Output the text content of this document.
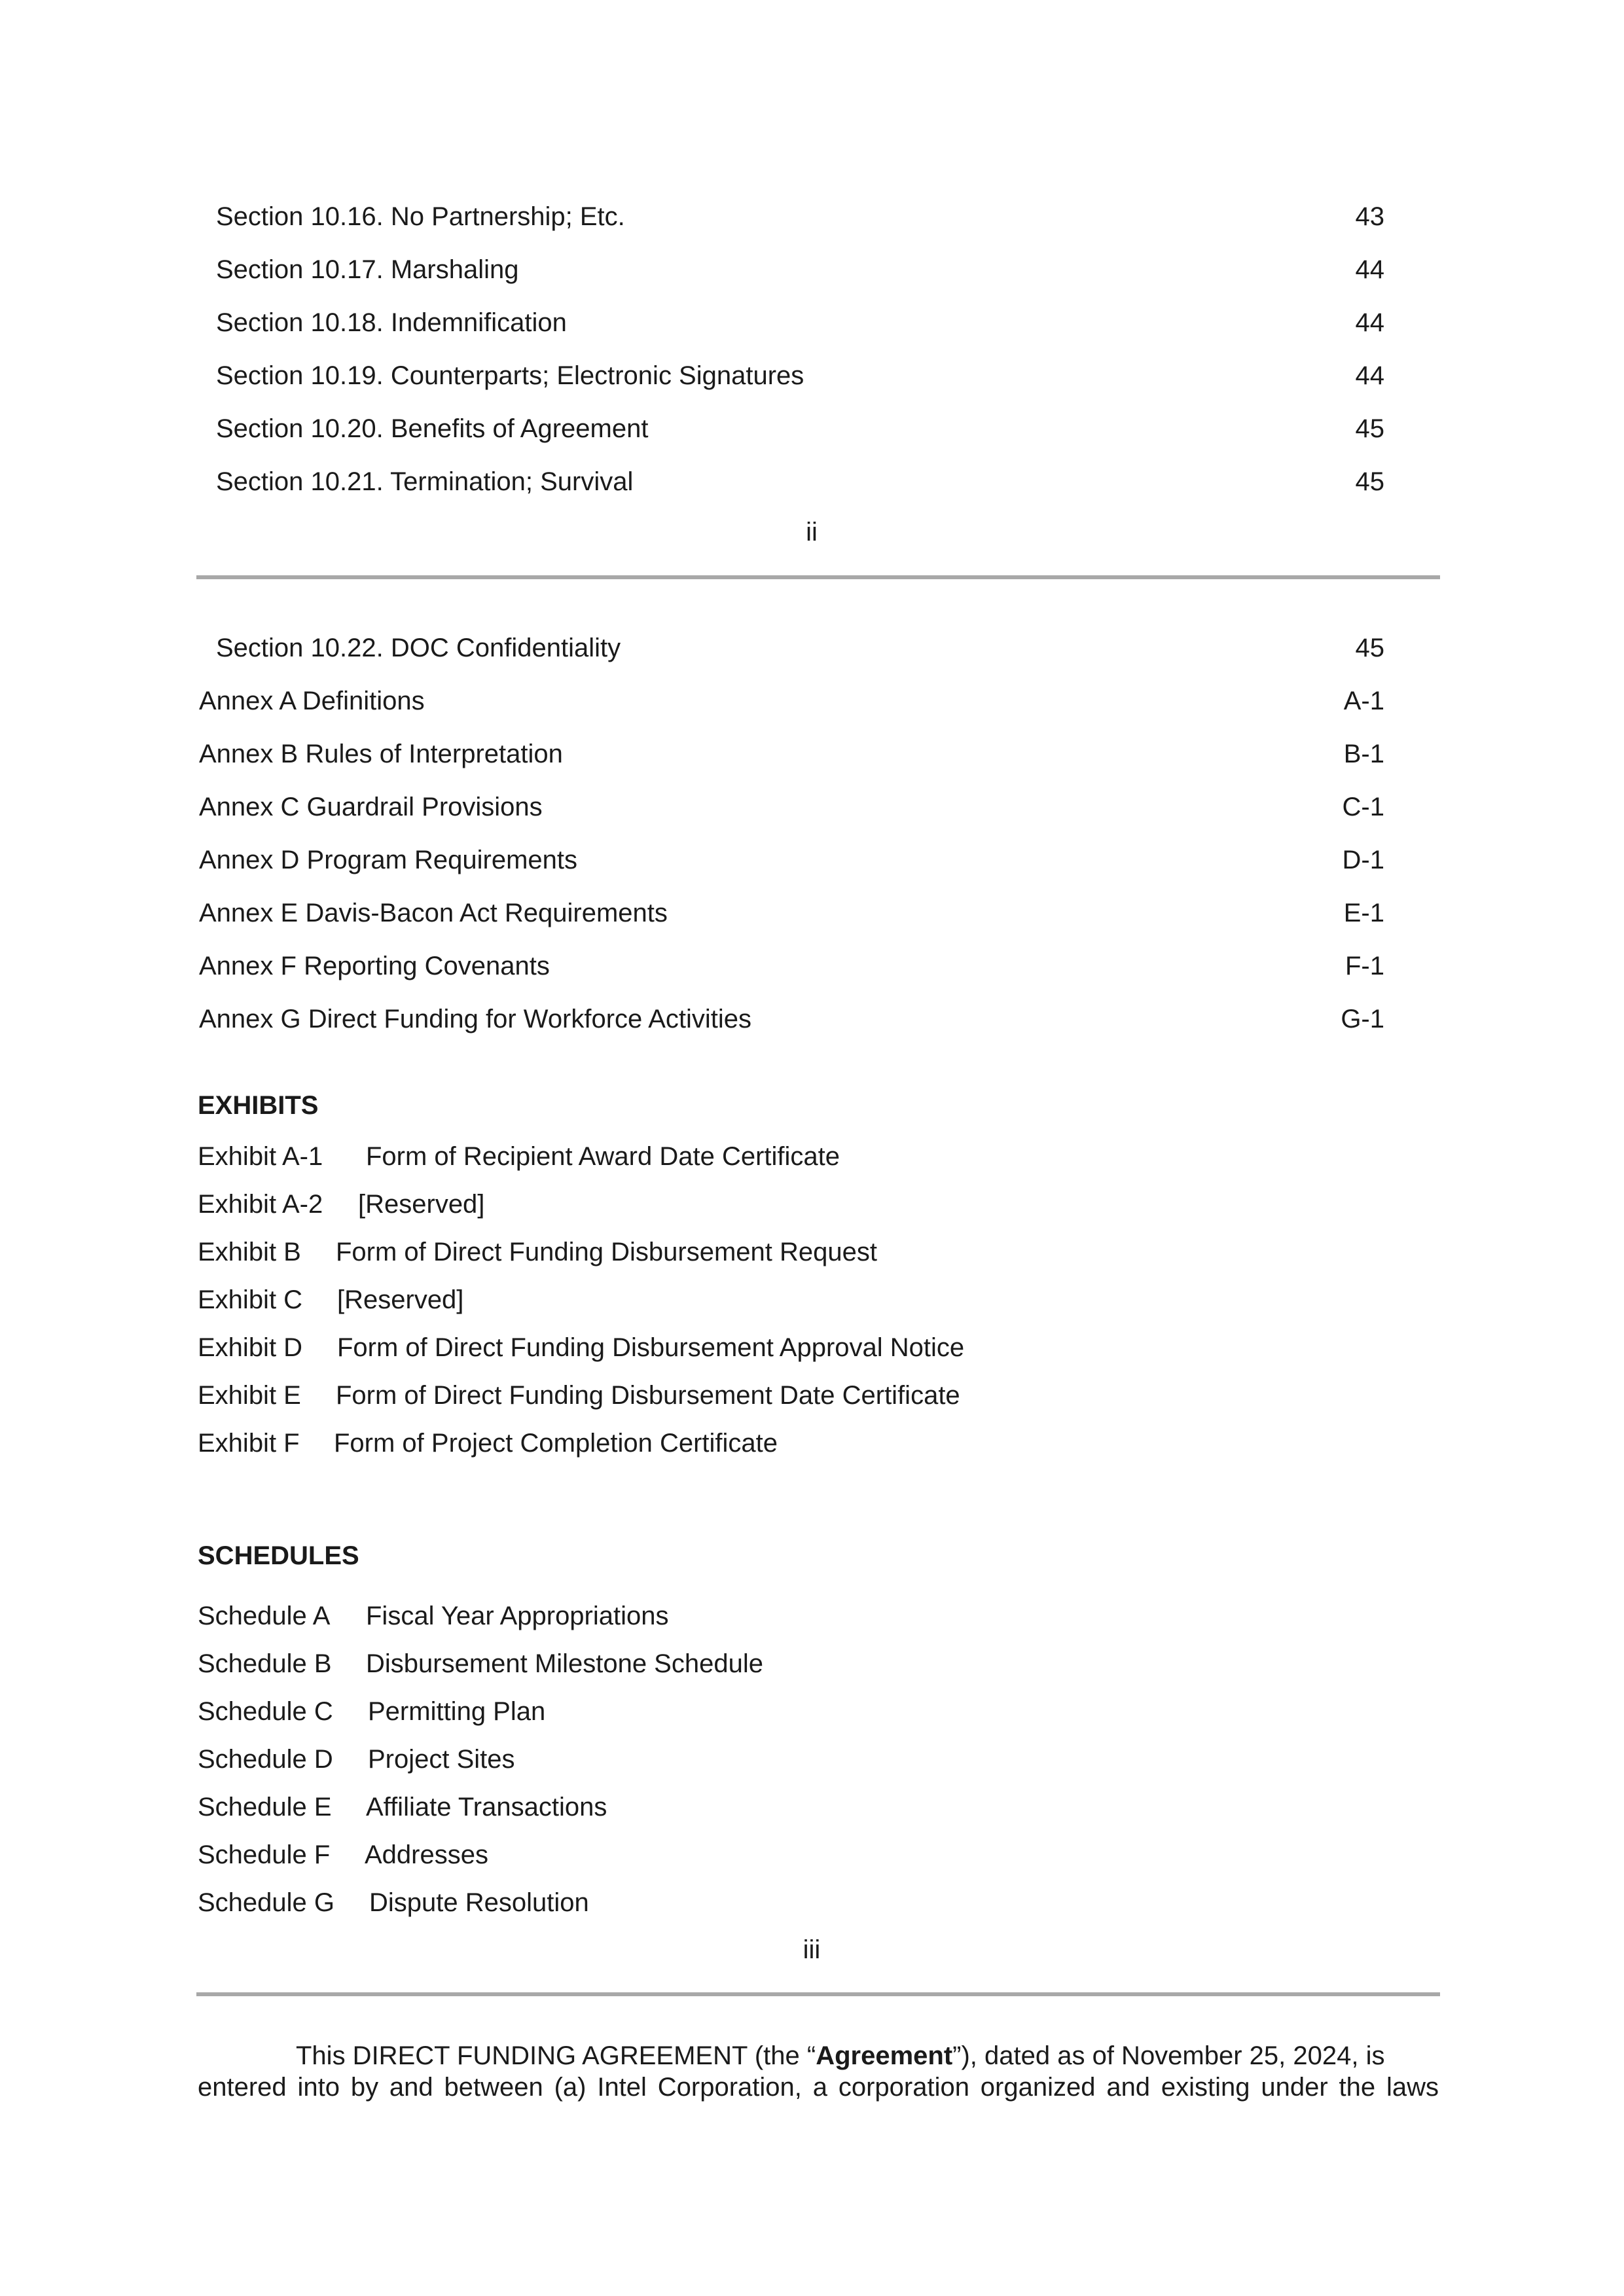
Section 10.16. No Partnership; Etc.	43
Section 10.17. Marshaling	44
Section 10.18. Indemnification	44
Section 10.19. Counterparts; Electronic Signatures	44
Section 10.20. Benefits of Agreement	45
Section 10.21. Termination; Survival	45
ii
Section 10.22. DOC Confidentiality	45
Annex A Definitions	A-1
Annex B Rules of Interpretation	B-1
Annex C Guardrail Provisions	C-1
Annex D Program Requirements	D-1
Annex E Davis-Bacon Act Requirements	E-1
Annex F Reporting Covenants	F-1
Annex G Direct Funding for Workforce Activities	G-1
EXHIBITS
Exhibit A-1 Form of Recipient Award Date Certificate
Exhibit A-2 [Reserved]
Exhibit B Form of Direct Funding Disbursement Request
Exhibit C [Reserved]
Exhibit D Form of Direct Funding Disbursement Approval Notice
Exhibit E Form of Direct Funding Disbursement Date Certificate
Exhibit F Form of Project Completion Certificate
SCHEDULES
Schedule A Fiscal Year Appropriations
Schedule B Disbursement Milestone Schedule
Schedule C Permitting Plan
Schedule D Project Sites
Schedule E Affiliate Transactions
Schedule F Addresses
Schedule G Dispute Resolution
iii
This DIRECT FUNDING AGREEMENT (the “Agreement”), dated as of November 25, 2024, is
entered into by and between (a) Intel Corporation, a corporation organized and existing under the laws
